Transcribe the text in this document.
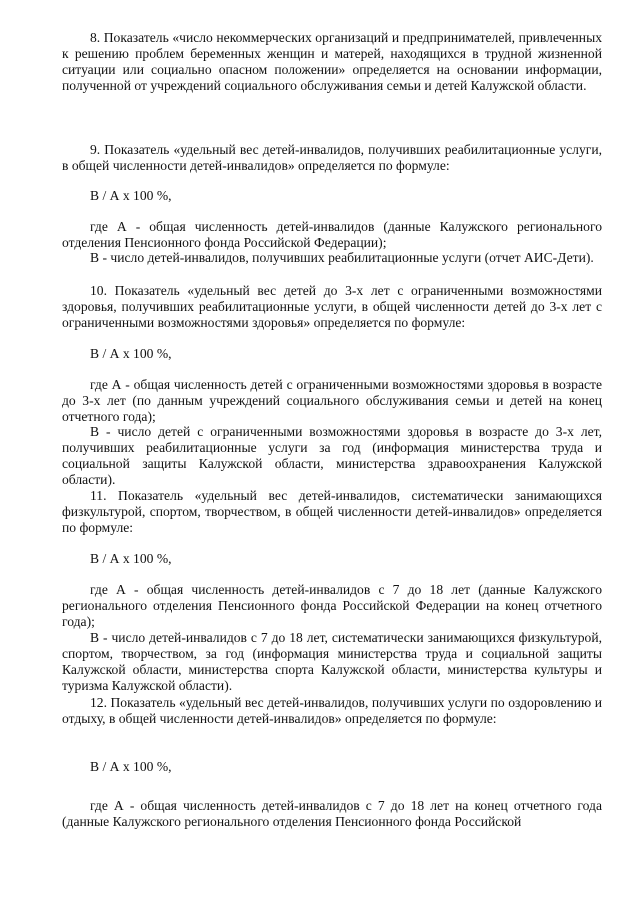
8. Показатель «число некоммерческих организаций и предпринимателей, привлеченных к решению проблем беременных женщин и матерей, находящихся в трудной жизненной ситуации или социально опасном положении» определяется на основании информации, полученной от учреждений социального обслуживания семьи и детей Калужской области.

9. Показатель «удельный вес детей-инвалидов, получивших реабилитационные услуги, в общей численности детей-инвалидов» определяется по формуле:

В / А х 100 %,

где А - общая численность детей-инвалидов (данные Калужского регионального отделения Пенсионного фонда Российской Федерации);

В - число детей-инвалидов, получивших реабилитационные услуги (отчет АИС-Дети).

10. Показатель «удельный вес детей до 3-х лет с ограниченными возможностями здоровья, получивших реабилитационные услуги, в общей численности детей до 3-х лет с ограниченными возможностями здоровья» определяется по формуле:

В / А х 100 %,

где А - общая численность детей с ограниченными возможностями здоровья в возрасте до 3-х лет (по данным учреждений социального обслуживания семьи и детей на конец отчетного года);

В - число детей с ограниченными возможностями здоровья в возрасте до 3-х лет, получивших реабилитационные услуги за год (информация министерства труда и социальной защиты Калужской области, министерства здравоохранения Калужской области).

11. Показатель «удельный вес детей-инвалидов, систематически занимающихся физкультурой, спортом, творчеством, в общей численности детей-инвалидов» определяется по формуле:

В / А х 100 %,

где А - общая численность детей-инвалидов с 7 до 18 лет (данные Калужского регионального отделения Пенсионного фонда Российской Федерации на конец отчетного года);

В - число детей-инвалидов с 7 до 18 лет, систематически занимающихся физкультурой, спортом, творчеством, за год (информация министерства труда и социальной защиты Калужской области, министерства спорта Калужской области, министерства культуры и туризма Калужской области).

12. Показатель «удельный вес детей-инвалидов, получивших услуги по оздоровлению и отдыху, в общей численности детей-инвалидов» определяется по формуле:

В / А х 100 %,

где А - общая численность детей-инвалидов с 7 до 18 лет на конец отчетного года (данные Калужского регионального отделения Пенсионного фонда Российской
